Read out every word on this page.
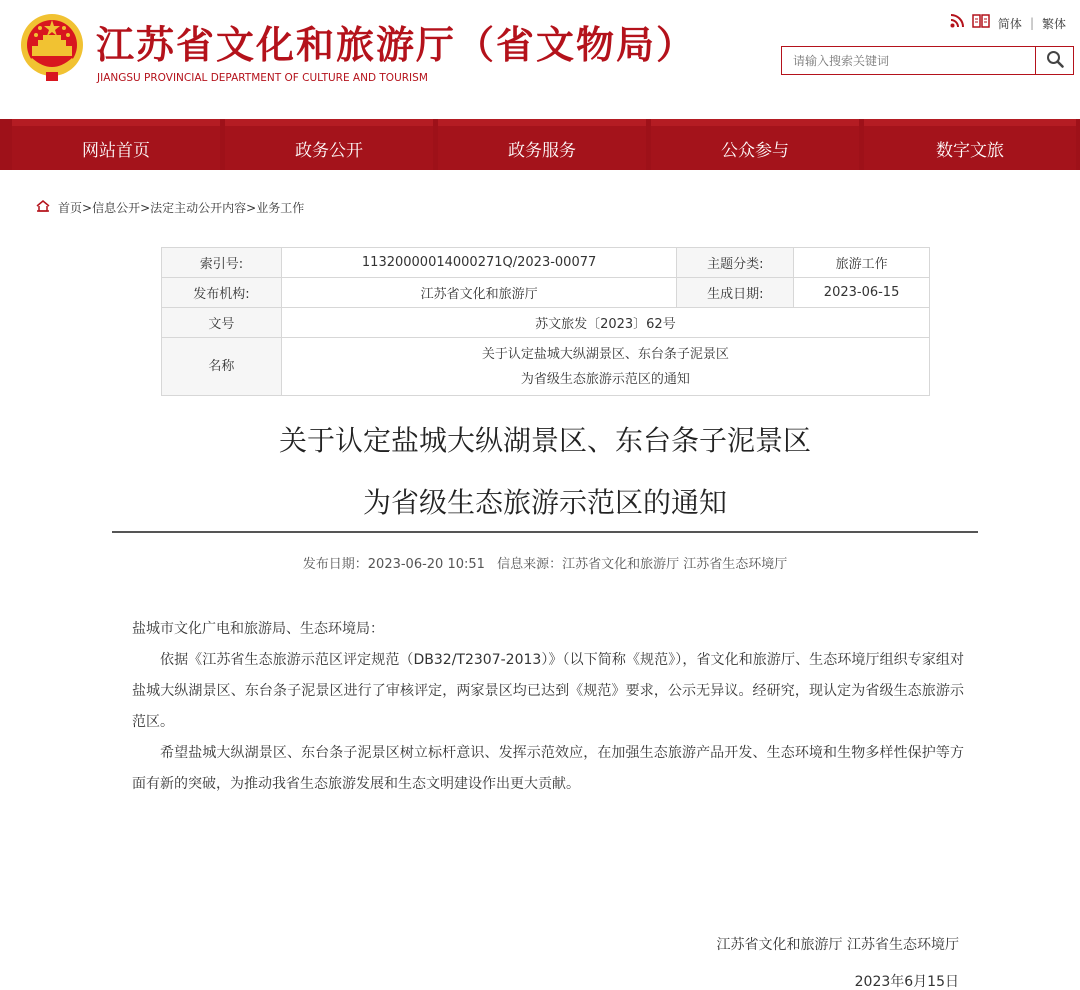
江苏省文化和旅游厅（省文物局）
JIANGSU PROVINCIAL DEPARTMENT OF CULTURE AND TOURISM
简体 | 繁体
请输入搜索关键词
网站首页	政务公开	政务服务	公众参与	数字文旅
首页>信息公开>法定主动公开内容>业务工作
索引号:	11320000014000271Q/2023-00077	主题分类:	旅游工作
发布机构:	江苏省文化和旅游厅	生成日期:	2023-06-15
文号	苏文旅发〔2023〕62号		
名称	关于认定盐城大纵湖景区、东台条子泥景区
为省级生态旅游示范区的通知		
关于认定盐城大纵湖景区、东台条子泥景区
为省级生态旅游示范区的通知
发布日期：2023-06-20 10:51 信息来源：江苏省文化和旅游厅 江苏省生态环境厅

盐城市文化广电和旅游局、生态环境局：

依据《江苏省生态旅游示范区评定规范（DB32/T2307-2013）》（以下简称《规范》），省文化和旅游厅、生态环境厅组织专家组对盐城大纵湖景区、东台条子泥景区进行了审核评定，两家景区均已达到《规范》要求，公示无异议。经研究，现认定为省级生态旅游示范区。

希望盐城大纵湖景区、东台条子泥景区树立标杆意识、发挥示范效应，在加强生态旅游产品开发、生态环境和生物多样性保护等方面有新的突破，为推动我省生态旅游发展和生态文明建设作出更大贡献。

江苏省文化和旅游厅 江苏省生态环境厅
2023年6月15日
